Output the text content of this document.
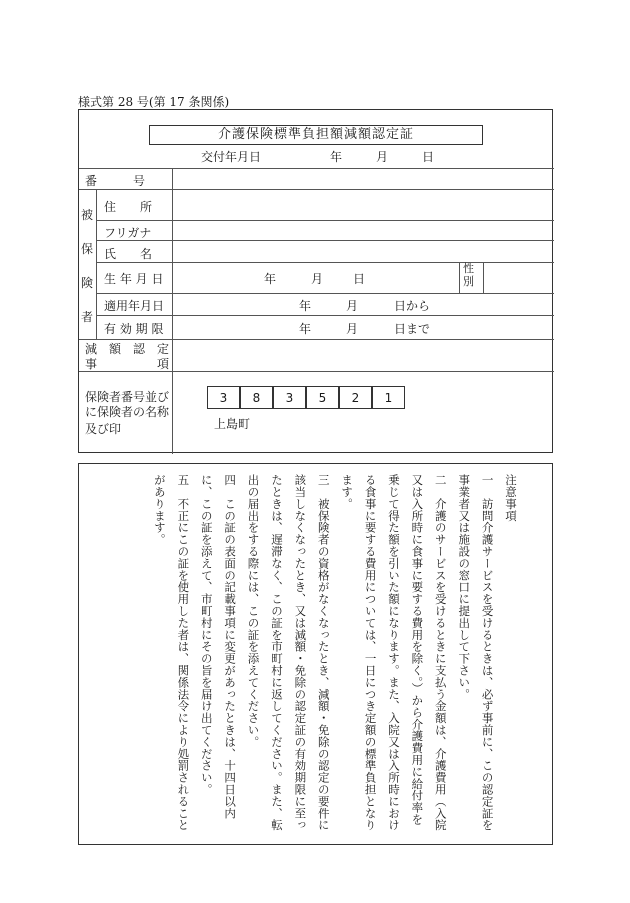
様式第 28 号(第 17 条関係)
介護保険標準負担額減額認定証
交付年月日	年	月	日
番　　　号
被
保
険
者
住　　所
フリガナ
氏　　名
生 年 月 日	年	月 日
性別
適用年月日	年	月	日から
有 効 期 限	年	月	日まで
減　額　認　定
事　　　　　項
保険者番号並びに保険者の名称
及び印	上島町
3	8	3	5	2	1

注意事項

一　訪問介護サービスを受けるときは、必ず事前に、この認定証を事業者又は施設の窓口に提出して下さい。

二　介護のサービスを受けるときに支払う金額は、介護費用（入院又は入所時に食事に要する費用を除く。）から介護費用に給付率を乗じて得た額を引いた額になります。また、入院又は入所時における食事に要する費用については、一日につき定額の標準負担となります。

三　被保険者の資格がなくなったとき、減額・免除の認定の要件に該当しなくなったとき、又は減額・免除の認定証の有効期限に至ったときは、遅滞なく、この証を市町村に返してください。また、転出の届出をする際には、この証を添えてください。

四　この証の表面の記載事項に変更があったときは、十四日以内に、この証を添えて、市町村にその旨を届け出てください。

五　不正にこの証を使用した者は、関係法令により処罰されることがあります。
